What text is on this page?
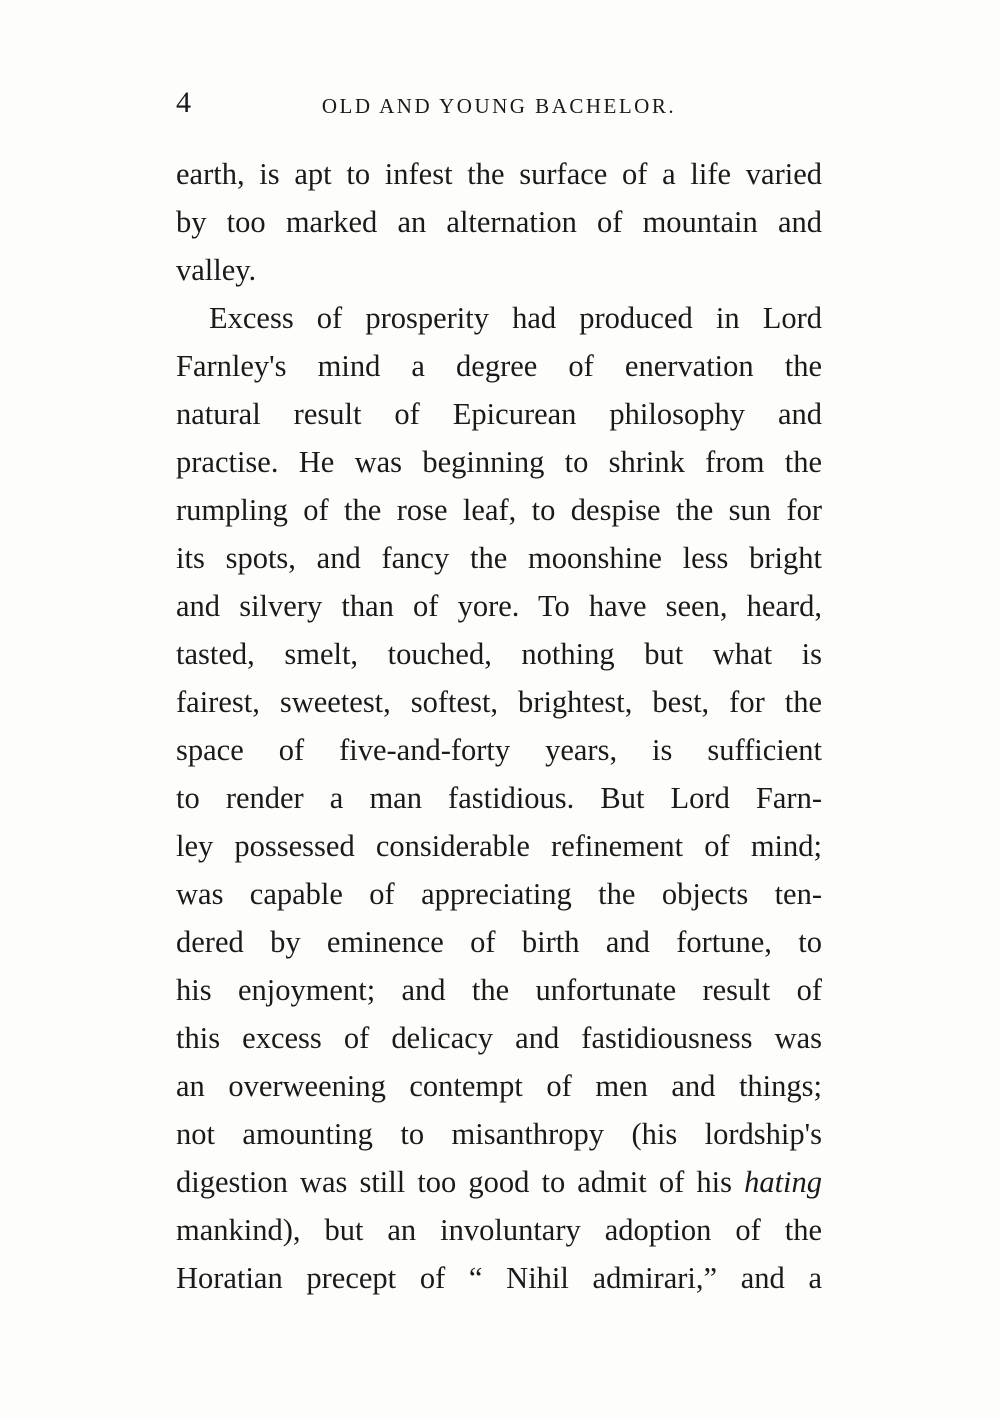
4	OLD AND YOUNG BACHELOR.
earth, is apt to infest the surface of a life varied
by too marked an alternation of mountain and
valley.
Excess of prosperity had produced in Lord
Farnley's mind a degree of enervation the
natural result of Epicurean philosophy and
practise. He was beginning to shrink from the
rumpling of the rose leaf, to despise the sun for
its spots, and fancy the moonshine less bright
and silvery than of yore. To have seen, heard,
tasted, smelt, touched, nothing but what is
fairest, sweetest, softest, brightest, best, for the
space of five-and-forty years, is sufficient
to render a man fastidious. But Lord Farn-
ley possessed considerable refinement of mind;
was capable of appreciating the objects ten-
dered by eminence of birth and fortune, to
his enjoyment; and the unfortunate result of
this excess of delicacy and fastidiousness was
an overweening contempt of men and things;
not amounting to misanthropy (his lordship's
digestion was still too good to admit of his hating
mankind), but an involuntary adoption of the
Horatian precept of “ Nihil admirari,” and a
